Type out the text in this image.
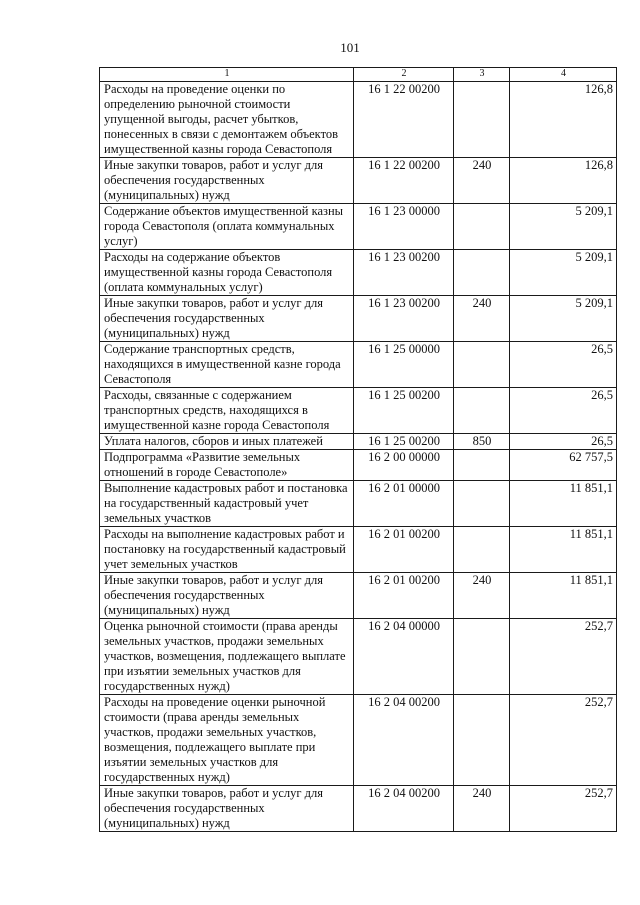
101
1	2	3	4
Расходы на проведение оценки по определению рыночной стоимости упущенной выгоды, расчет убытков, понесенных в связи с демонтажем объектов имущественной казны города Севастополя	16 1 22 00200		126,8
Иные закупки товаров, работ и услуг для обеспечения государственных (муниципальных) нужд	16 1 22 00200	240	126,8
Содержание объектов имущественной казны города Севастополя (оплата коммунальных услуг)	16 1 23 00000		5 209,1
Расходы на содержание объектов имущественной казны города Севастополя (оплата коммунальных услуг)	16 1 23 00200		5 209,1
Иные закупки товаров, работ и услуг для обеспечения государственных (муниципальных) нужд	16 1 23 00200	240	5 209,1
Содержание транспортных средств, находящихся в имущественной казне города Севастополя	16 1 25 00000		26,5
Расходы, связанные с содержанием транспортных средств, находящихся в имущественной казне города Севастополя	16 1 25 00200		26,5
Уплата налогов, сборов и иных платежей	16 1 25 00200	850	26,5
Подпрограмма «Развитие земельных отношений в городе Севастополе»	16 2 00 00000		62 757,5
Выполнение кадастровых работ и постановка на государственный кадастровый учет земельных участков	16 2 01 00000		11 851,1
Расходы на выполнение кадастровых работ и постановку на государственный кадастровый учет земельных участков	16 2 01 00200		11 851,1
Иные закупки товаров, работ и услуг для обеспечения государственных (муниципальных) нужд	16 2 01 00200	240	11 851,1
Оценка рыночной стоимости (права аренды земельных участков, продажи земельных участков, возмещения, подлежащего выплате при изъятии земельных участков для государственных нужд)	16 2 04 00000		252,7
Расходы на проведение оценки рыночной стоимости (права аренды земельных участков, продажи земельных участков, возмещения, подлежащего выплате при изъятии земельных участков для государственных нужд)	16 2 04 00200		252,7
Иные закупки товаров, работ и услуг для обеспечения государственных (муниципальных) нужд	16 2 04 00200	240	252,7
